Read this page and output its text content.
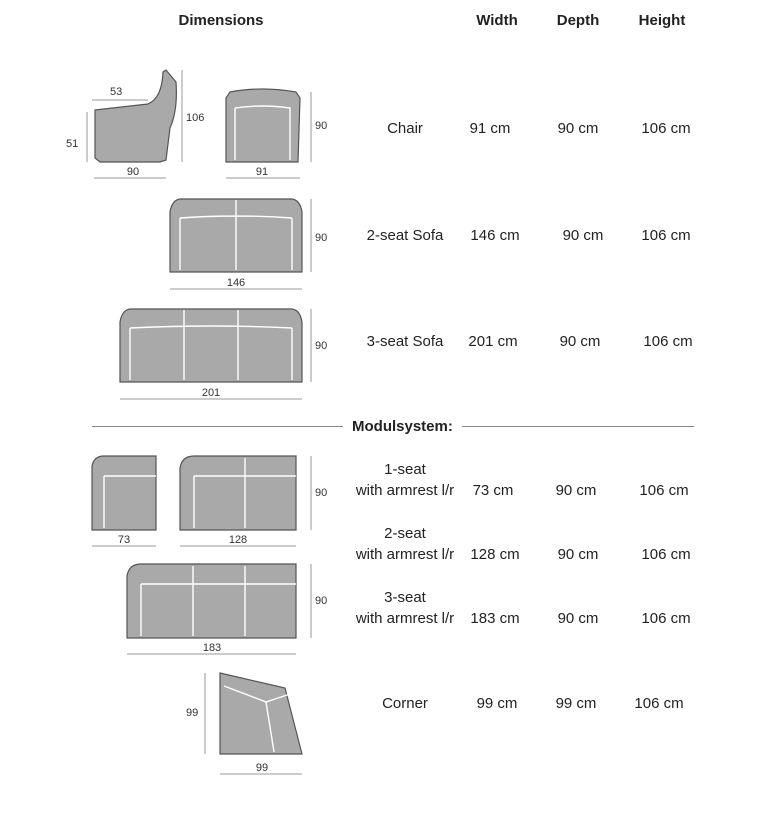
Dimensions	Width	Depth	Height
53
106
51
90	91
90
146
90
201
90
73	128
90
183
90
99
99
Chair	91 cm	90 cm	106 cm
2-seat Sofa 146 cm	90 cm	106 cm
3-seat Sofa 201 cm	90 cm	106 cm
Modulsystem:
1-seat
with armrest l/r 73 cm	90 cm	106 cm
2-seat
with armrest l/r 128 cm	90 cm	106 cm
3-seat
with armrest l/r 183 cm	90 cm	106 cm
Corner	99 cm	99 cm	106 cm
